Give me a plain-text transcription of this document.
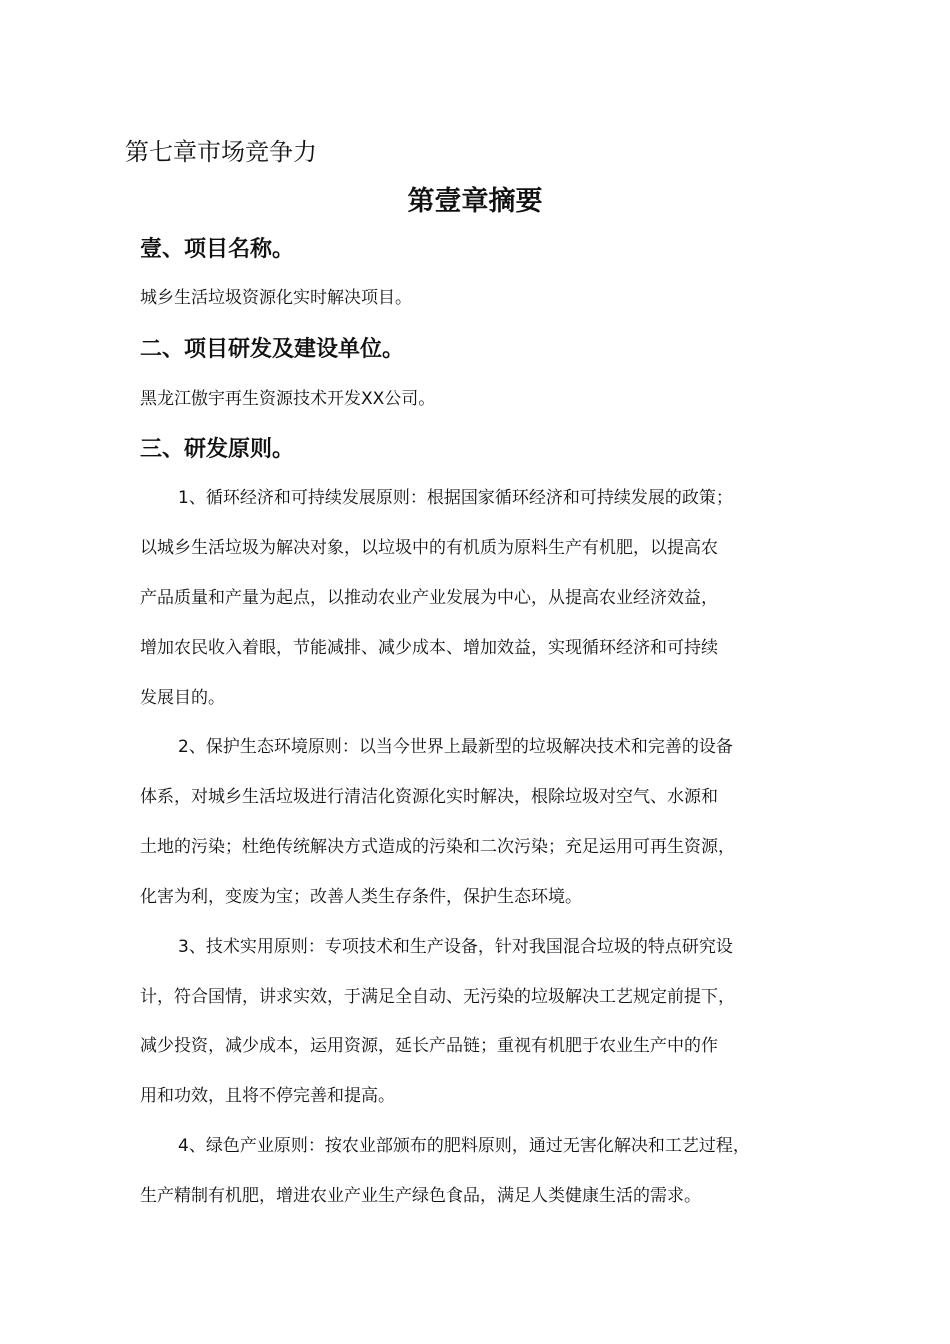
第七章市场竞争力
第壹章摘要
壹、项目名称。
城乡生活垃圾资源化实时解决项目。
二、项目研发及建设单位。
黑龙江傲宇再生资源技术开发XX公司。
三、研发原则。
1、循环经济和可持续发展原则：根据国家循环经济和可持续发展的政策；
以城乡生活垃圾为解决对象，以垃圾中的有机质为原料生产有机肥，以提高农
产品质量和产量为起点，以推动农业产业发展为中心，从提高农业经济效益，
增加农民收入着眼，节能减排、减少成本、增加效益，实现循环经济和可持续
发展目的。
2、保护生态环境原则：以当今世界上最新型的垃圾解决技术和完善的设备
体系，对城乡生活垃圾进行清洁化资源化实时解决，根除垃圾对空气、水源和
土地的污染；杜绝传统解决方式造成的污染和二次污染；充足运用可再生资源，
化害为利，变废为宝；改善人类生存条件，保护生态环境。
3、技术实用原则：专项技术和生产设备，针对我国混合垃圾的特点研究设
计，符合国情，讲求实效，于满足全自动、无污染的垃圾解决工艺规定前提下，
减少投资，减少成本，运用资源，延长产品链；重视有机肥于农业生产中的作
用和功效，且将不停完善和提高。
4、绿色产业原则：按农业部颁布的肥料原则，通过无害化解决和工艺过程，
生产精制有机肥，增进农业产业生产绿色食品，满足人类健康生活的需求。
